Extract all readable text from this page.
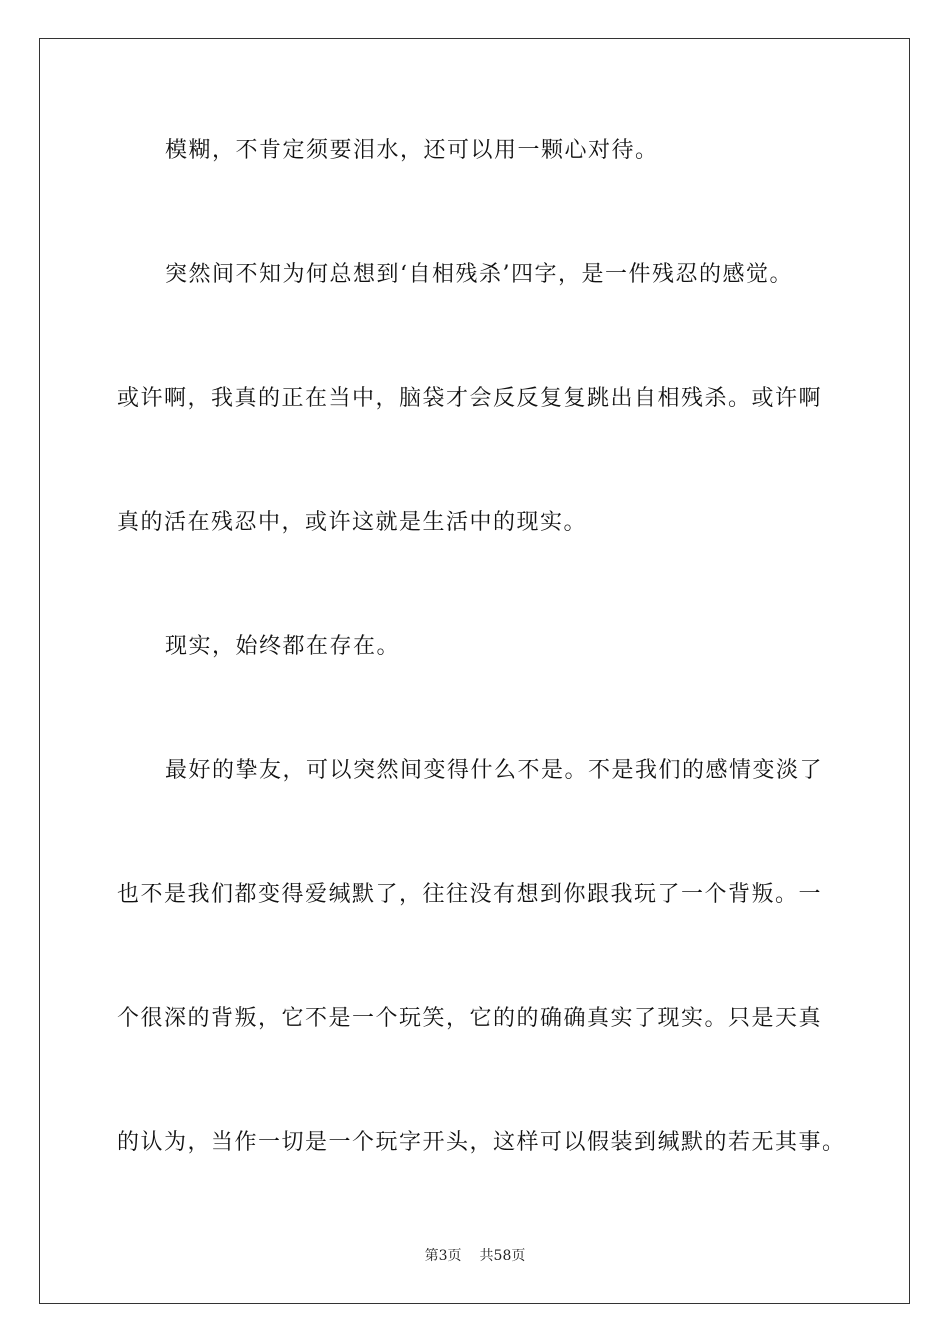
模糊，不肯定须要泪水，还可以用一颗心对待。
突然间不知为何总想到‘自相残杀’四字，是一件残忍的感觉。
或许啊，我真的正在当中，脑袋才会反反复复跳出自相残杀。或许啊
真的活在残忍中，或许这就是生活中的现实。
现实，始终都在存在。
最好的挚友，可以突然间变得什么不是。不是我们的感情变淡了
也不是我们都变得爱缄默了，往往没有想到你跟我玩了一个背叛。一
个很深的背叛，它不是一个玩笑，它的的确确真实了现实。只是天真
的认为，当作一切是一个玩字开头，这样可以假装到缄默的若无其事。
第3页 共58页
